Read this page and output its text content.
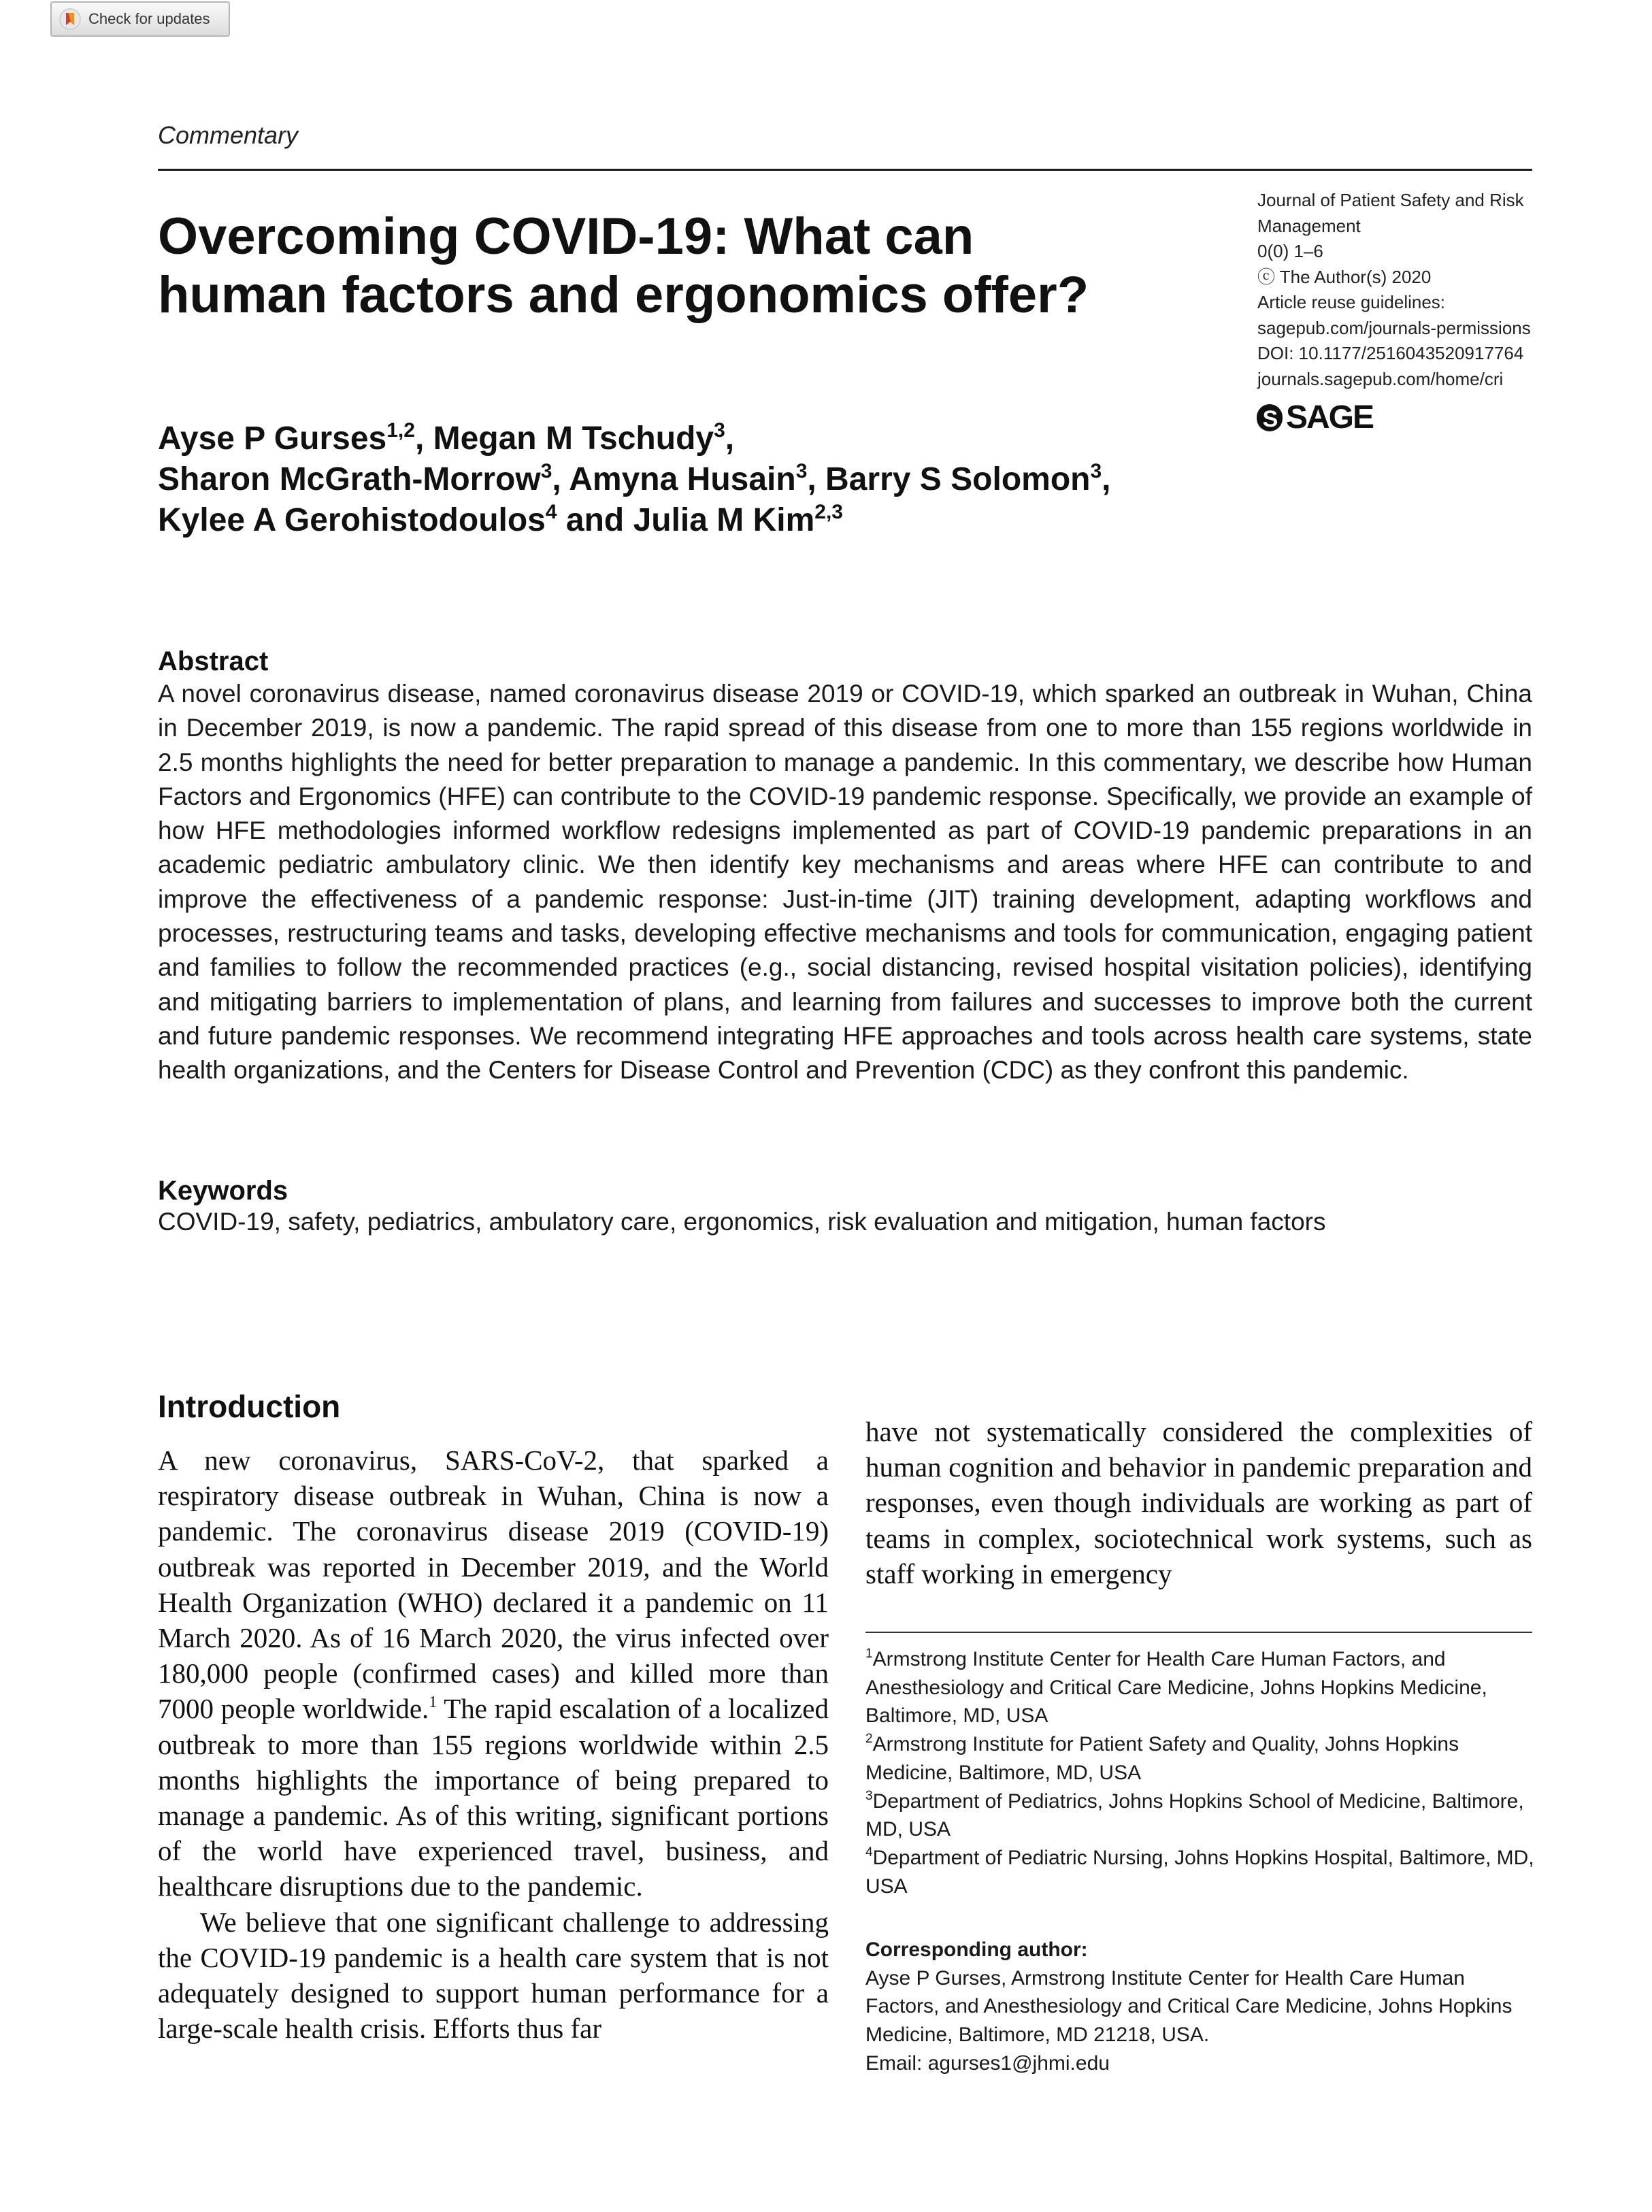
Check for updates
Commentary
Overcoming COVID-19: What can
human factors and ergonomics offer?
Journal of Patient Safety and Risk
Management
0(0) 1–6
ⓒ The Author(s) 2020
Article reuse guidelines:
sagepub.com/journals-permissions
DOI: 10.1177/2516043520917764
journals.sagepub.com/home/cri
S SAGE
Ayse P Gurses$^{1,2}$, Megan M Tschudy$^3$,
Sharon McGrath-Morrow$^3$, Amyna Husain$^3$, Barry S Solomon$^3$,
Kylee A Gerohistodoulos$^4$ and Julia M Kim$^{2,3}$
Abstract
A novel coronavirus disease, named coronavirus disease 2019 or COVID-19, which sparked an outbreak in Wuhan, China in December 2019, is now a pandemic. The rapid spread of this disease from one to more than 155 regions worldwide in 2.5 months highlights the need for better preparation to manage a pandemic. In this commentary, we describe how Human Factors and Ergonomics (HFE) can contribute to the COVID-19 pandemic response. Specifically, we provide an example of how HFE methodologies informed workflow redesigns implemented as part of COVID-19 pandemic preparations in an academic pediatric ambulatory clinic. We then identify key mechanisms and areas where HFE can contribute to and improve the effectiveness of a pandemic response: Just-in-time (JIT) training development, adapting workflows and processes, restructuring teams and tasks, developing effective mechanisms and tools for communication, engaging patient and families to follow the recommended practices (e.g., social distancing, revised hospital visitation policies), identifying and mitigating barriers to implementation of plans, and learning from failures and successes to improve both the current and future pandemic responses. We recommend integrating HFE approaches and tools across health care systems, state health organizations, and the Centers for Disease Control and Prevention (CDC) as they confront this pandemic.
Keywords
COVID-19, safety, pediatrics, ambulatory care, ergonomics, risk evaluation and mitigation, human factors
Introduction

A new coronavirus, SARS-CoV-2, that sparked a respiratory disease outbreak in Wuhan, China is now a pandemic. The coronavirus disease 2019 (COVID-19) outbreak was reported in December 2019, and the World Health Organization (WHO) declared it a pandemic on 11 March 2020. As of 16 March 2020, the virus infected over 180,000 people (confirmed cases) and killed more than 7000 people worldwide.$^1$ The rapid escalation of a localized outbreak to more than 155 regions worldwide within 2.5 months highlights the importance of being prepared to manage a pandemic. As of this writing, significant portions of the world have experienced travel, business, and healthcare disruptions due to the pandemic.

We believe that one significant challenge to addressing the COVID-19 pandemic is a health care system that is not adequately designed to support human performance for a large-scale health crisis. Efforts thus far

have not systematically considered the complexities of human cognition and behavior in pandemic preparation and responses, even though individuals are working as part of teams in complex, sociotechnical work systems, such as staff working in emergency

$^1$Armstrong Institute Center for Health Care Human Factors, and Anesthesiology and Critical Care Medicine, Johns Hopkins Medicine, Baltimore, MD, USA

$^2$Armstrong Institute for Patient Safety and Quality, Johns Hopkins Medicine, Baltimore, MD, USA

$^3$Department of Pediatrics, Johns Hopkins School of Medicine, Baltimore, MD, USA

$^4$Department of Pediatric Nursing, Johns Hopkins Hospital, Baltimore, MD, USA

Corresponding author:
Ayse P Gurses, Armstrong Institute Center for Health Care Human Factors, and Anesthesiology and Critical Care Medicine, Johns Hopkins Medicine, Baltimore, MD 21218, USA.
Email: agurses1@jhmi.edu
